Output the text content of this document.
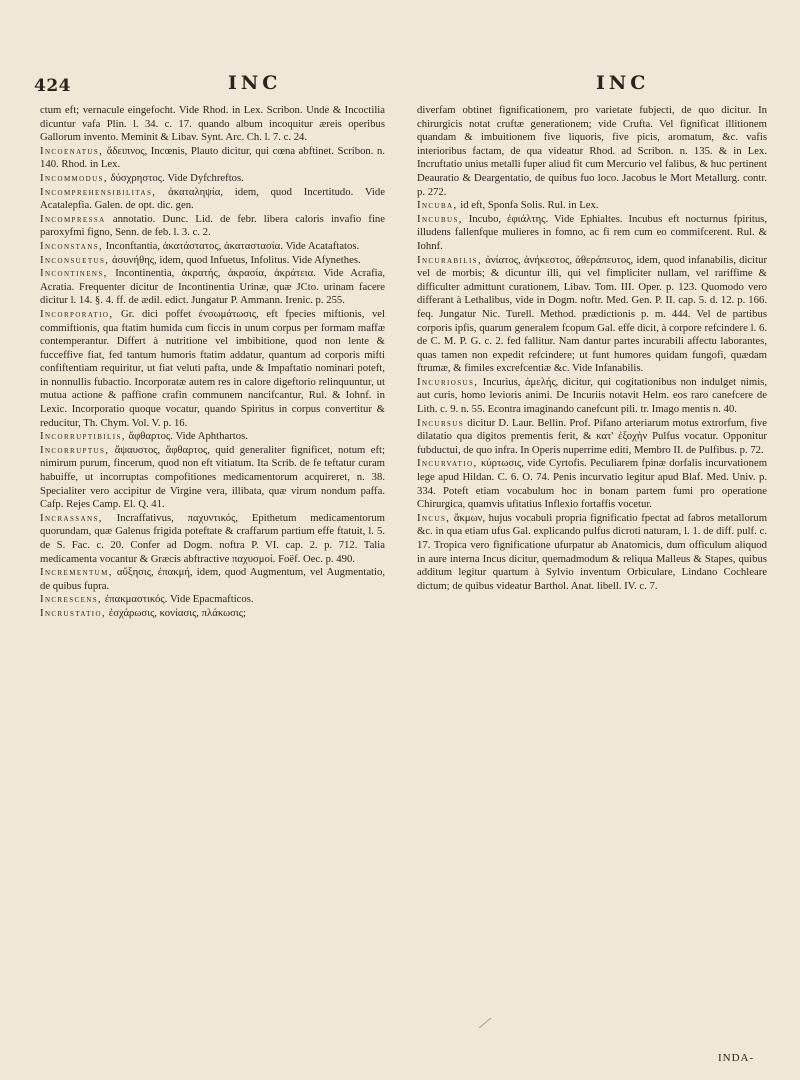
424	INC	INC

ctum eft; vernacule eingefocht. Vide Rhod. in Lex. Scribon. Unde & Incoctilia dicuntur vafa Plin. l. 34. c. 17. quando album incoquitur æreis operibus Gallorum invento. Meminit & Libav. Synt. Arc. Ch. l. 7. c. 24.

Incoenatus, ἄδειπνος, Incœnis, Plauto dicitur, qui cœna abftinet. Scribon. n. 140. Rhod. in Lex.

Incommodus, δύσχρηστος. Vide Dyfchreftos.

Incomprehensibilitas, ἀκαταληψία, idem, quod Incertitudo. Vide Acatalepfia. Galen. de opt. dic. gen.

Incompressa annotatio. Dunc. Lid. de febr. libera caloris invafio fine paroxyfmi figno, Senn. de feb. l. 3. c. 2.

Inconstans, Inconftantia, ἀκατάστατος, ἀκαταστασία. Vide Acataftatos.

Inconsuetus, ἀσυνήθης, idem, quod Infuetus, Infolitus. Vide Afynethes.

Incontinens, Incontinentia, ἀκρατής, ἀκρασία, ἀκράτεια. Vide Acrafia, Acratia. Frequenter dicitur de Incontinentia Urinæ, quæ JCto. urinam facere dicitur l. 14. §. 4. ff. de ædil. edict. Jungatur P. Ammann. Irenic. p. 255.

Incorporatio, Gr. dici poffet ἐνσωμάτωσις, eft fpecies miftionis, vel commiftionis, qua ftatim humida cum ficcis in unum corpus per formam maffæ contemperantur. Differt à nutritione vel imbibitione, quod non lente & fucceffive fiat, fed tantum humoris ftatim addatur, quantum ad corporis mifti confiftentiam requiritur, ut fiat veluti pafta, unde & Impaftatio nominari poteft, in nonnullis fubactio. Incorporatæ autem res in calore digeftorio relinquuntur, ut mutua actione & paffione crafin communem nancifcantur, Rul. & Iohnf. in Lexic. Incorporatio quoque vocatur, quando Spiritus in corpus convertitur & reducitur, Th. Chym. Vol. V. p. 16.

Incorruptibilis, ἄφθαρτος. Vide Aphthartos.

Incorruptus, ἄψαυστος, ἄφθαρτος, quid generaliter fignificet, notum eft; nimirum purum, fincerum, quod non eft vitiatum. Ita Scrib. de fe teftatur curam habuiffe, ut incorruptas compofitiones medicamentorum acquireret, n. 38. Specialiter vero accipitur de Virgine vera, illibata, quæ virum nondum paffa. Cafp. Rejes Camp. El. Q. 41.

Incrassans, Incraffativus, παχυντικός, Epithetum medicamentorum quorundam, quæ Galenus frigida poteftate & craffarum partium effe ftatuit, l. 5. de S. Fac. c. 20. Confer ad Dogm. noftra P. VI. cap. 2. p. 712. Talia medicamenta vocantur & Græcis abftractive παχυσμοί. Foëf. Oec. p. 490.

Incrementum, αὔξησις, ἐπακμή, idem, quod Augmentum, vel Augmentatio, de quibus fupra.

Increscens, ἐπακμαστικός. Vide Epacmafticos.

Incrustatio, ἐσχάρωσις, κονίασις, πλάκωσις;

diverfam obtinet fignificationem, pro varietate fubjecti, de quo dicitur. In chirurgicis notat cruftæ generationem; vide Crufta. Vel fignificat illitionem quandam & imbuitionem five liquoris, five picis, aromatum, &c. vafis interioribus factam, de qua videatur Rhod. ad Scribon. n. 135. & in Lex. Incruftatio unius metalli fuper aliud fit cum Mercurio vel falibus, & huc pertinent Deauratio & Deargentatio, de quibus fuo loco. Jacobus le Mort Metallurg. contr. p. 272.

Incuba, id eft, Sponfa Solis. Rul. in Lex.

Incubus, Incubo, ἐφιάλτης. Vide Ephialtes. Incubus eft nocturnus fpiritus, illudens fallenfque mulieres in fomno, ac fi rem cum eo commifcerent. Rul. & Iohnf.

Incurabilis, ἀνίατος, ἀνήκεστος, ἀθεράπευτος, idem, quod infanabilis, dicitur vel de morbis; & dicuntur illi, qui vel fimpliciter nullam, vel rariffime & difficulter admittunt curationem, Libav. Tom. III. Oper. p. 123. Quomodo vero differant à Lethalibus, vide in Dogm. noftr. Med. Gen. P. II. cap. 5. d. 12. p. 166. feq. Jungatur Nic. Turell. Method. prædictionis p. m. 444. Vel de partibus corporis ipfis, quarum generalem fcopum Gal. effe dicit, à corpore refcindere l. 6. de C. M. P. G. c. 2. fed fallitur. Nam dantur partes incurabili affectu laborantes, quas tamen non expedit refcindere; ut funt humores quidam fungofi, quædam ftrumæ, & fimiles excrefcentiæ &c. Vide Infanabilis.

Incuriosus, Incurius, ἀμελής, dicitur, qui cogitationibus non indulget nimis, aut curis, homo levioris animi. De Incuriis notavit Helm. eos raro canefcere de Lith. c. 9. n. 55. Econtra imaginando canefcunt pili. tr. Imago mentis n. 40.

Incursus dicitur D. Laur. Bellin. Prof. Pifano arteriarum motus extrorfum, five dilatatio qua digitos prementis ferit, & κατ' ἐξοχὴν Pulfus vocatur. Opponitur fubductui, de quo infra. In Operis nuperrime editi, Membro II. de Pulfibus. p. 72.

Incurvatio, κύρτωσις, vide Cyrtofis. Peculiarem fpinæ dorfalis incurvationem lege apud Hildan. C. 6. O. 74. Penis incurvatio legitur apud Blaf. Med. Univ. p. 334. Poteft etiam vocabulum hoc in bonam partem fumi pro operatione Chirurgica, quamvis ufitatius Inflexio fortaffis vocetur.

Incus, ἄκμων, hujus vocabuli propria fignificatio fpectat ad fabros metallorum &c. in qua etiam ufus Gal. explicando pulfus dicroti naturam, l. 1. de diff. pulf. c. 17. Tropica vero fignificatione ufurpatur ab Anatomicis, dum officulum aliquod in aure interna Incus dicitur, quemadmodum & reliqua Malleus & Stapes, quibus additum legitur quartum à Sylvio inventum Orbiculare, Lindano Cochleare dictum; de quibus videatur Barthol. Anat. libell. IV. c. 7.

INDA-
